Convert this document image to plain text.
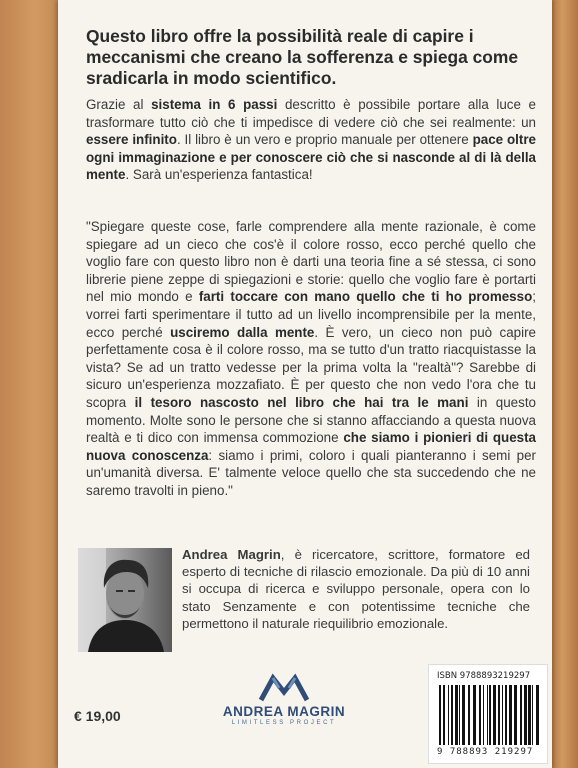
Questo libro offre la possibilità reale di capire i meccanismi che creano la sofferenza e spiega come sradicarla in modo scientifico.
Grazie al sistema in 6 passi descritto è possibile portare alla luce e trasformare tutto ciò che ti impedisce di vedere ciò che sei realmente: un essere infinito. Il libro è un vero e proprio manuale per ottenere pace oltre ogni immaginazione e per conoscere ciò che si nasconde al di là della mente. Sarà un'esperienza fantastica!
"Spiegare queste cose, farle comprendere alla mente razionale, è come spiegare ad un cieco che cos'è il colore rosso, ecco perché quello che voglio fare con questo libro non è darti una teoria fine a sé stessa, ci sono librerie piene zeppe di spiegazioni e storie: quello che voglio fare è portarti nel mio mondo e farti toccare con mano quello che ti ho promesso; vorrei farti sperimentare il tutto ad un livello incomprensibile per la mente, ecco perché usciremo dalla mente. È vero, un cieco non può capire perfettamente cosa è il colore rosso, ma se tutto d'un tratto riacquistasse la vista? Se ad un tratto vedesse per la prima volta la "realtà"? Sarebbe di sicuro un'esperienza mozzafiato. È per questo che non vedo l'ora che tu scopra il tesoro nascosto nel libro che hai tra le mani in questo momento. Molte sono le persone che si stanno affacciando a questa nuova realtà e ti dico con immensa commozione che siamo i pionieri di questa nuova conoscenza: siamo i primi, coloro i quali pianteranno i semi per un'umanità diversa. E' talmente veloce quello che sta succedendo che ne saremo travolti in pieno."
Andrea Magrin, è ricercatore, scrittore, formatore ed esperto di tecniche di rilascio emozionale. Da più di 10 anni si occupa di ricerca e sviluppo personale, opera con lo stato Senzamente e con potentissime tecniche che permettono il naturale riequilibrio emozionale.
€ 19,00	ANDREA MAGRIN
LIMITLESS PROJECT
ISBN 9788893219297
9 788893 219297
